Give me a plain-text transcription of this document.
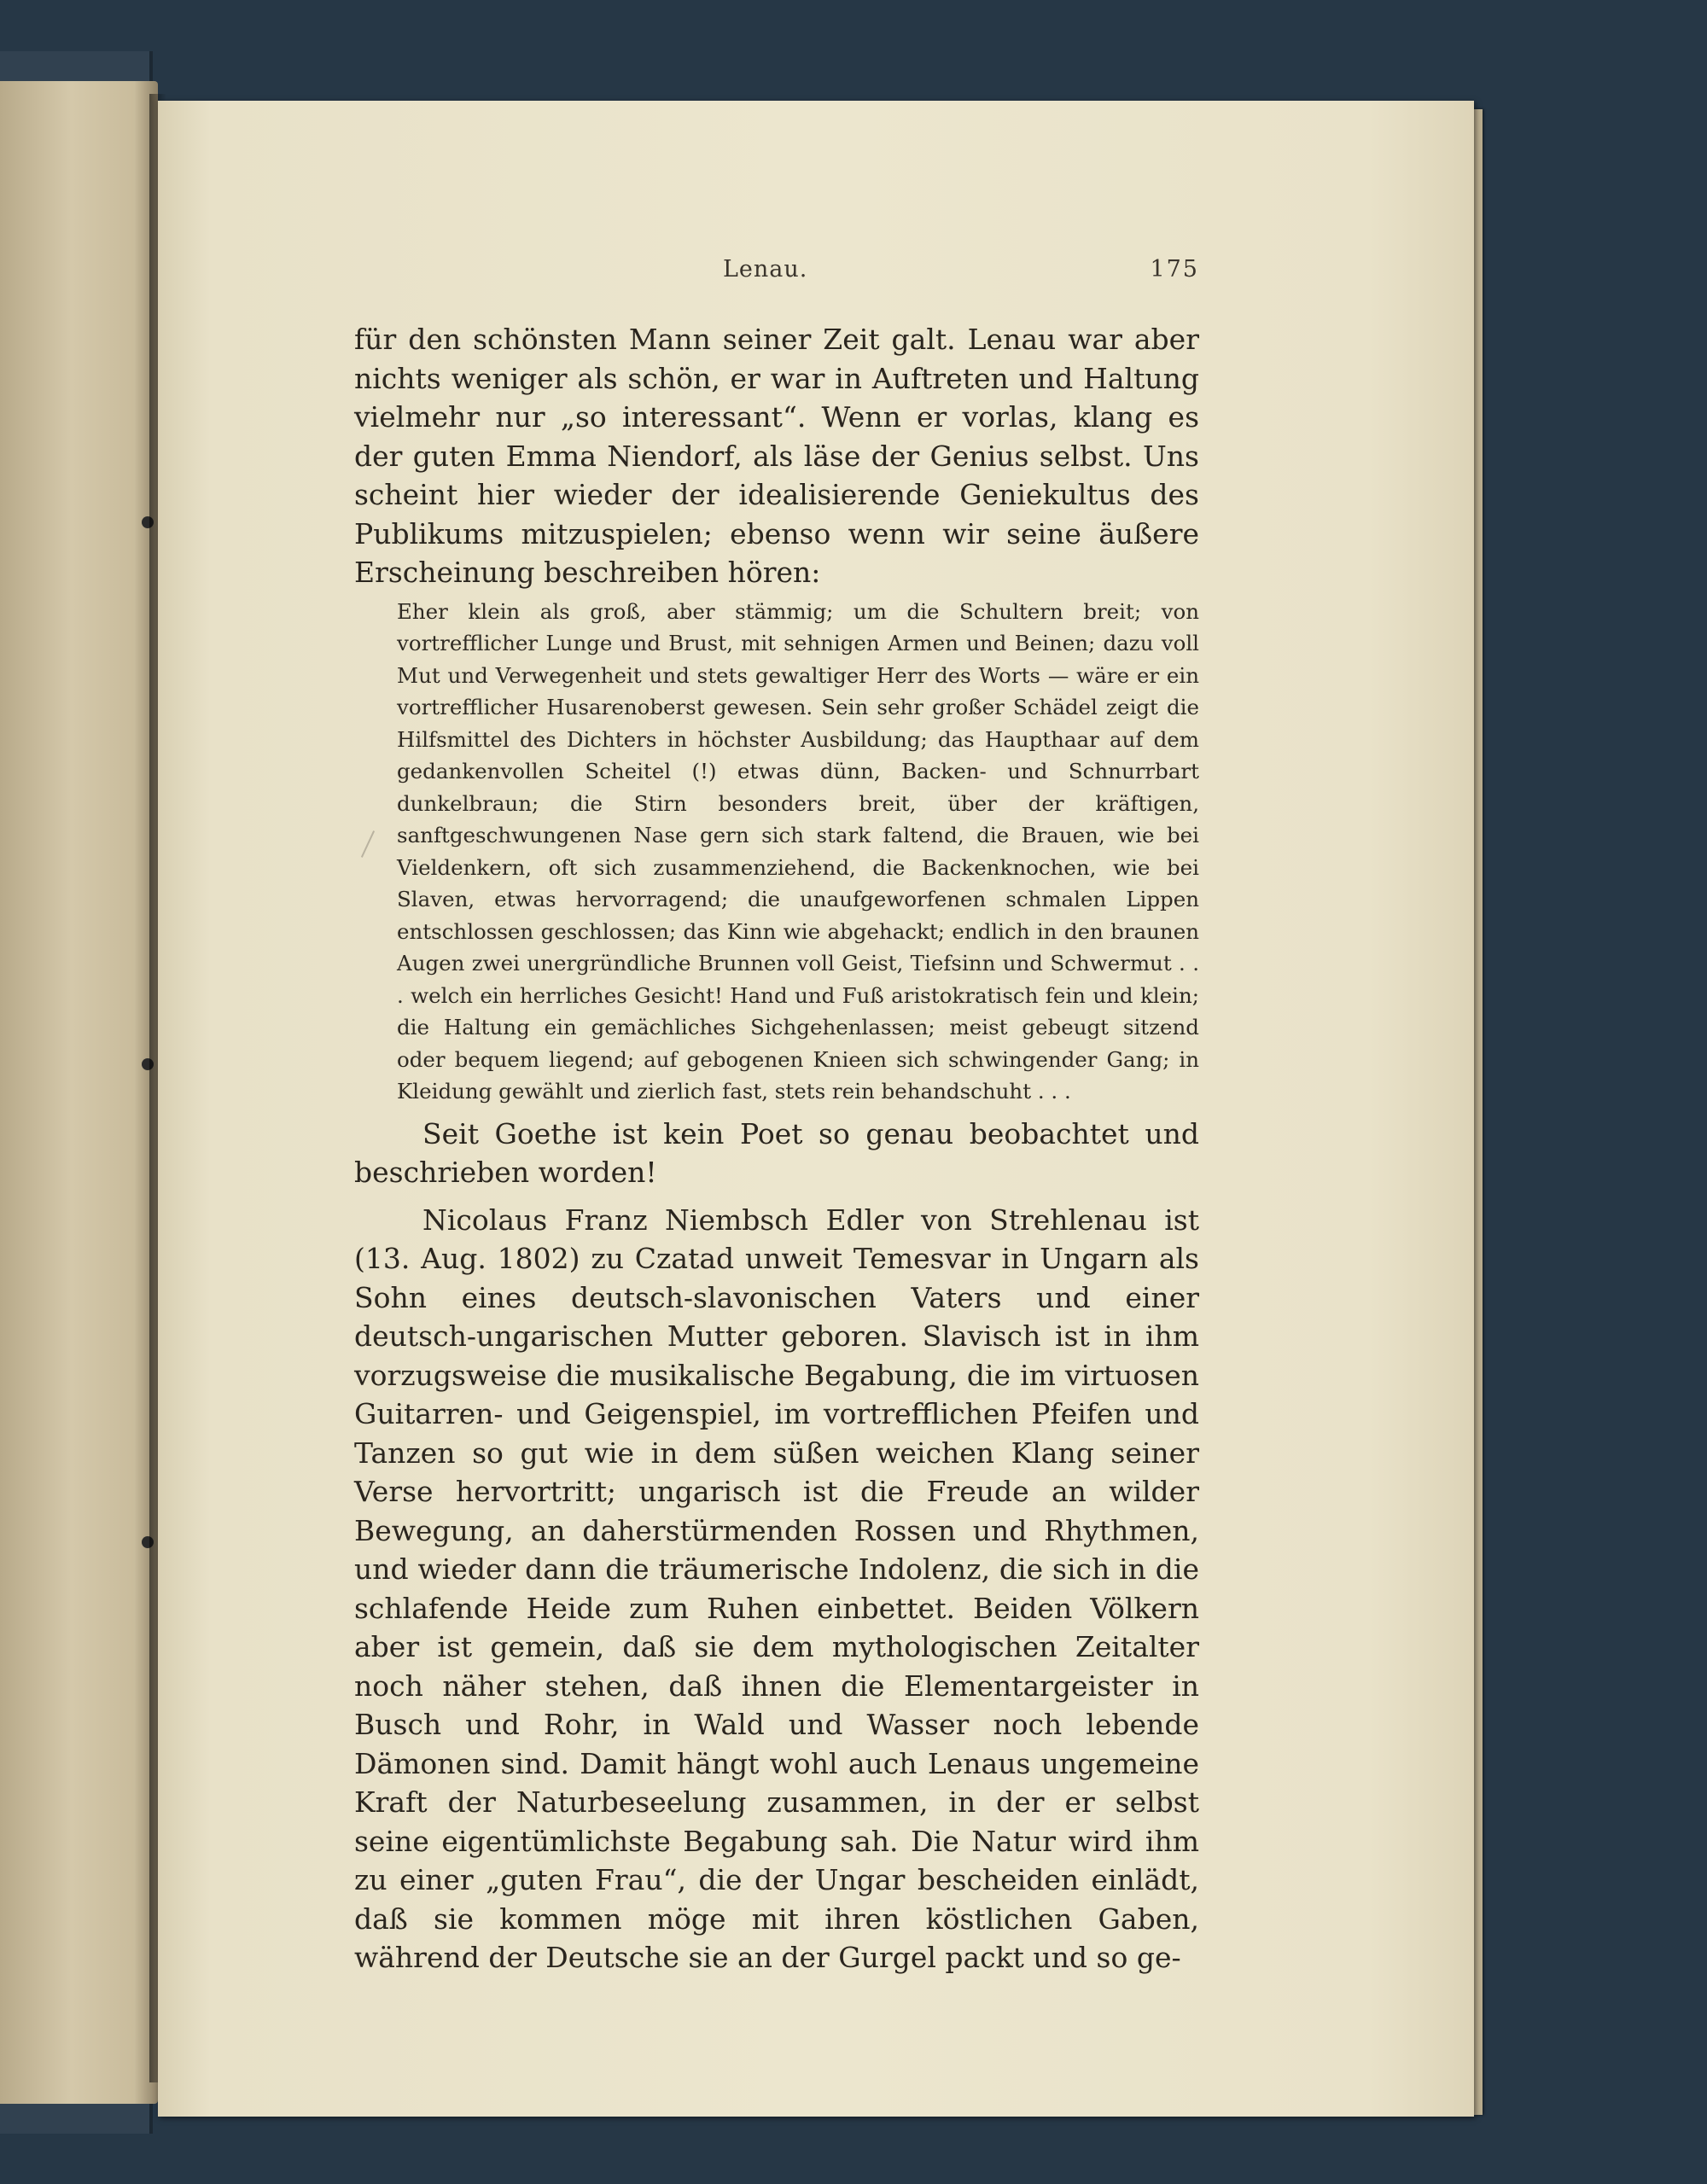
Lenau.	175

für den schönsten Mann seiner Zeit galt. Lenau war aber nichts weniger als schön, er war in Auftreten und Haltung vielmehr nur „so interessant“. Wenn er vorlas, klang es der guten Emma Niendorf, als läse der Genius selbst. Uns scheint hier wieder der idealisierende Geniekultus des Publikums mitzuspielen; ebenso wenn wir seine äußere Erscheinung beschreiben hören:

Eher klein als groß, aber stämmig; um die Schultern breit; von vortrefflicher Lunge und Brust, mit sehnigen Armen und Beinen; dazu voll Mut und Verwegenheit und stets gewaltiger Herr des Worts — wäre er ein vortrefflicher Husarenoberst gewesen. Sein sehr großer Schädel zeigt die Hilfsmittel des Dichters in höchster Ausbildung; das Haupthaar auf dem gedankenvollen Scheitel (!) etwas dünn, Backen- und Schnurrbart dunkelbraun; die Stirn besonders breit, über der kräftigen, sanftgeschwungenen Nase gern sich stark faltend, die Brauen, wie bei Vieldenkern, oft sich zusammenziehend, die Backenknochen, wie bei Slaven, etwas hervorragend; die unaufgeworfenen schmalen Lippen entschlossen geschlossen; das Kinn wie abgehackt; endlich in den braunen Augen zwei unergründliche Brunnen voll Geist, Tiefsinn und Schwermut . . . welch ein herrliches Gesicht! Hand und Fuß aristokratisch fein und klein; die Haltung ein gemächliches Sichgehenlassen; meist gebeugt sitzend oder bequem liegend; auf gebogenen Knieen sich schwingender Gang; in Kleidung gewählt und zierlich fast, stets rein behandschuht . . .

Seit Goethe ist kein Poet so genau beobachtet und beschrieben worden!

Nicolaus Franz Niembsch Edler von Strehlenau ist (13. Aug. 1802) zu Czatad unweit Temesvar in Ungarn als Sohn eines deutsch-slavonischen Vaters und einer deutsch-ungarischen Mutter geboren. Slavisch ist in ihm vorzugsweise die musikalische Begabung, die im virtuosen Guitarren- und Geigenspiel, im vortrefflichen Pfeifen und Tanzen so gut wie in dem süßen weichen Klang seiner Verse hervortritt; ungarisch ist die Freude an wilder Bewegung, an daherstürmenden Rossen und Rhythmen, und wieder dann die träumerische Indolenz, die sich in die schlafende Heide zum Ruhen einbettet. Beiden Völkern aber ist gemein, daß sie dem mythologischen Zeitalter noch näher stehen, daß ihnen die Elementargeister in Busch und Rohr, in Wald und Wasser noch lebende Dämonen sind. Damit hängt wohl auch Lenaus ungemeine Kraft der Naturbeseelung zusammen, in der er selbst seine eigentümlichste Begabung sah. Die Natur wird ihm zu einer „guten Frau“, die der Ungar bescheiden einlädt, daß sie kommen möge mit ihren köstlichen Gaben, während der Deutsche sie an der Gurgel packt und so ge-
